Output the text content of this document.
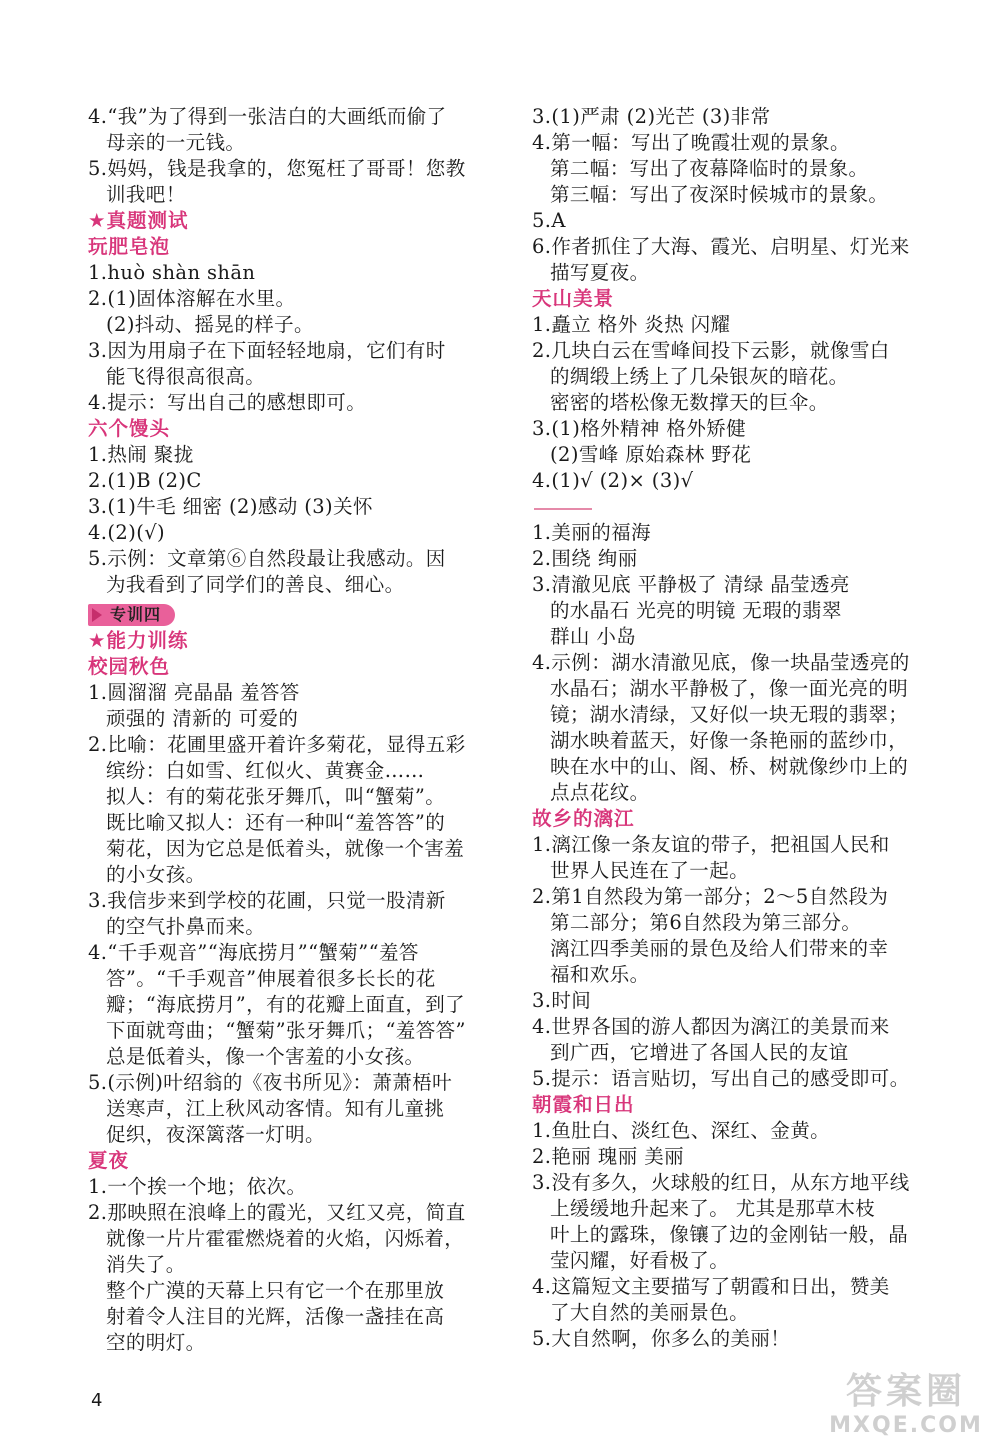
4.“我”为了得到一张洁白的大画纸而偷了
母亲的一元钱。
5.妈妈，钱是我拿的，您冤枉了哥哥！您教
训我吧！
★真题测试
玩肥皂泡
1.huò shàn shān
2.(1)固体溶解在水里。
(2)抖动、摇晃的样子。
3.因为用扇子在下面轻轻地扇，它们有时
能飞得很高很高。
4.提示：写出自己的感想即可。
六个馒头
1.热闹 聚拢
2.(1)B (2)C
3.(1)牛毛 细密 (2)感动 (3)关怀
4.(2)(√)
5.示例：文章第⑥自然段最让我感动。因
为我看到了同学们的善良、细心。
专训四
★能力训练
校园秋色
1.圆溜溜 亮晶晶 羞答答
顽强的 清新的 可爱的
2.比喻：花圃里盛开着许多菊花，显得五彩
缤纷：白如雪、红似火、黄赛金……
拟人：有的菊花张牙舞爪，叫“蟹菊”。
既比喻又拟人：还有一种叫“羞答答”的
菊花，因为它总是低着头，就像一个害羞
的小女孩。
3.我信步来到学校的花圃，只觉一股清新
的空气扑鼻而来。
4.“千手观音”“海底捞月”“蟹菊”“羞答
答”。“千手观音”伸展着很多长长的花
瓣；“海底捞月”，有的花瓣上面直，到了
下面就弯曲；“蟹菊”张牙舞爪；“羞答答”
总是低着头，像一个害羞的小女孩。
5.(示例)叶绍翁的《夜书所见》：萧萧梧叶
送寒声，江上秋风动客情。知有儿童挑
促织，夜深篱落一灯明。
夏夜
1.一个挨一个地；依次。
2.那映照在浪峰上的霞光，又红又亮，简直
就像一片片霍霍燃烧着的火焰，闪烁着，
消失了。
整个广漠的天幕上只有它一个在那里放
射着令人注目的光辉，活像一盏挂在高
空的明灯。
3.(1)严肃 (2)光芒 (3)非常
4.第一幅：写出了晚霞壮观的景象。
第二幅：写出了夜幕降临时的景象。
第三幅：写出了夜深时候城市的景象。
5.A
6.作者抓住了大海、霞光、启明星、灯光来
描写夏夜。
天山美景
1.矗立 格外 炎热 闪耀
2.几块白云在雪峰间投下云影，就像雪白
的绸缎上绣上了几朵银灰的暗花。
密密的塔松像无数撑天的巨伞。
3.(1)格外精神 格外矫健
(2)雪峰 原始森林 野花
4.(1)√ (2)× (3)√
1.美丽的福海
2.围绕 绚丽
3.清澈见底 平静极了 清绿 晶莹透亮
的水晶石 光亮的明镜 无瑕的翡翠
群山 小岛
4.示例：湖水清澈见底，像一块晶莹透亮的
水晶石；湖水平静极了，像一面光亮的明
镜；湖水清绿，又好似一块无瑕的翡翠；
湖水映着蓝天，好像一条艳丽的蓝纱巾，
映在水中的山、阁、桥、树就像纱巾上的
点点花纹。
故乡的漓江
1.漓江像一条友谊的带子，把祖国人民和
世界人民连在了一起。
2.第1自然段为第一部分；2～5自然段为
第二部分；第6自然段为第三部分。
漓江四季美丽的景色及给人们带来的幸
福和欢乐。
3.时间
4.世界各国的游人都因为漓江的美景而来
到广西，它增进了各国人民的友谊
5.提示：语言贴切，写出自己的感受即可。
朝霞和日出
1.鱼肚白、淡红色、深红、金黄。
2.艳丽 瑰丽 美丽
3.没有多久，火球般的红日，从东方地平线
上缓缓地升起来了。 尤其是那草木枝
叶上的露珠，像镶了边的金刚钻一般，晶
莹闪耀，好看极了。
4.这篇短文主要描写了朝霞和日出，赞美
了大自然的美丽景色。
5.大自然啊，你多么的美丽！
4	答案圈
MXQE.COM
